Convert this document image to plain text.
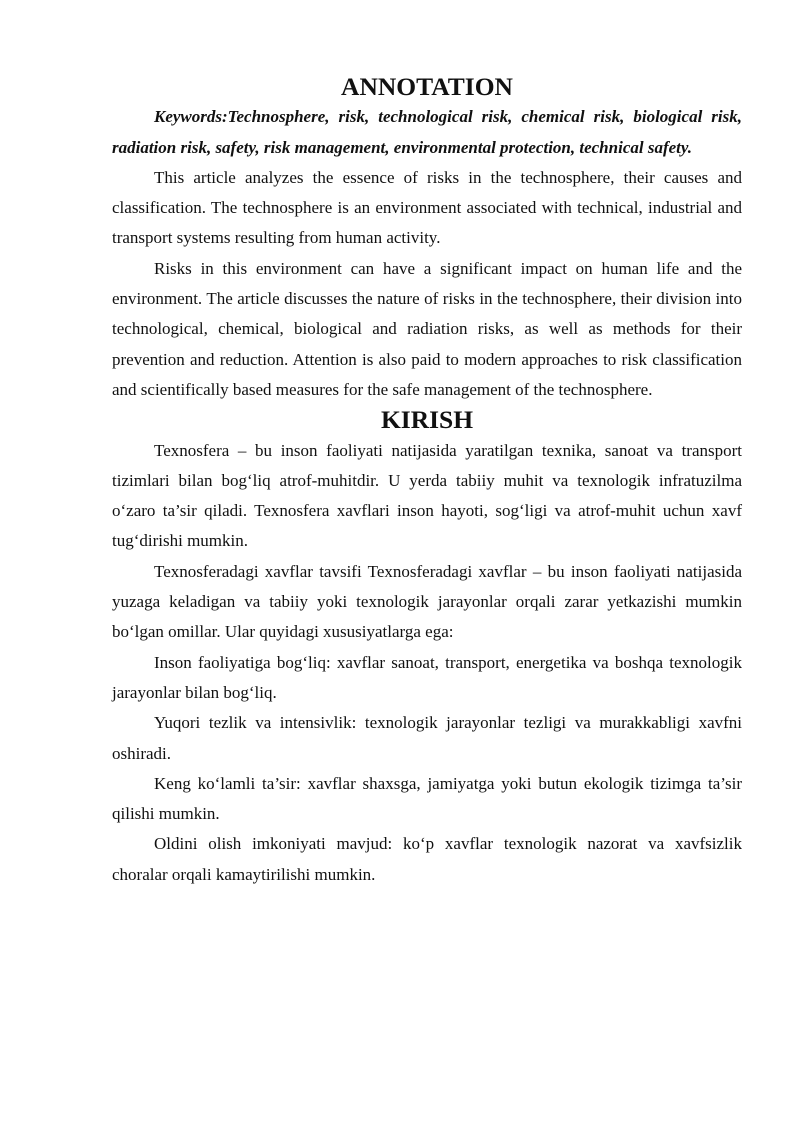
ANNOTATION

Keywords:Technosphere, risk, technological risk, chemical risk, biological risk, radiation risk, safety, risk management, environmental protection, technical safety.

This article analyzes the essence of risks in the technosphere, their causes and classification. The technosphere is an environment associated with technical, industrial and transport systems resulting from human activity.

Risks in this environment can have a significant impact on human life and the environment. The article discusses the nature of risks in the technosphere, their division into technological, chemical, biological and radiation risks, as well as methods for their prevention and reduction. Attention is also paid to modern approaches to risk classification and scientifically based measures for the safe management of the technosphere.

KIRISH

Texnosfera – bu inson faoliyati natijasida yaratilgan texnika, sanoat va transport tizimlari bilan bog‘liq atrof-muhitdir. U yerda tabiiy muhit va texnologik infratuzilma o‘zaro ta’sir qiladi. Texnosfera xavflari inson hayoti, sog‘ligi va atrof-muhit uchun xavf tug‘dirishi mumkin.

Texnosferadagi xavflar tavsifi Texnosferadagi xavflar – bu inson faoliyati natijasida yuzaga keladigan va tabiiy yoki texnologik jarayonlar orqali zarar yetkazishi mumkin bo‘lgan omillar. Ular quyidagi xususiyatlarga ega:

Inson faoliyatiga bog‘liq: xavflar sanoat, transport, energetika va boshqa texnologik jarayonlar bilan bog‘liq.

Yuqori tezlik va intensivlik: texnologik jarayonlar tezligi va murakkabligi xavfni oshiradi.

Keng ko‘lamli ta’sir: xavflar shaxsga, jamiyatga yoki butun ekologik tizimga ta’sir qilishi mumkin.

Oldini olish imkoniyati mavjud: ko‘p xavflar texnologik nazorat va xavfsizlik choralar orqali kamaytirilishi mumkin.
